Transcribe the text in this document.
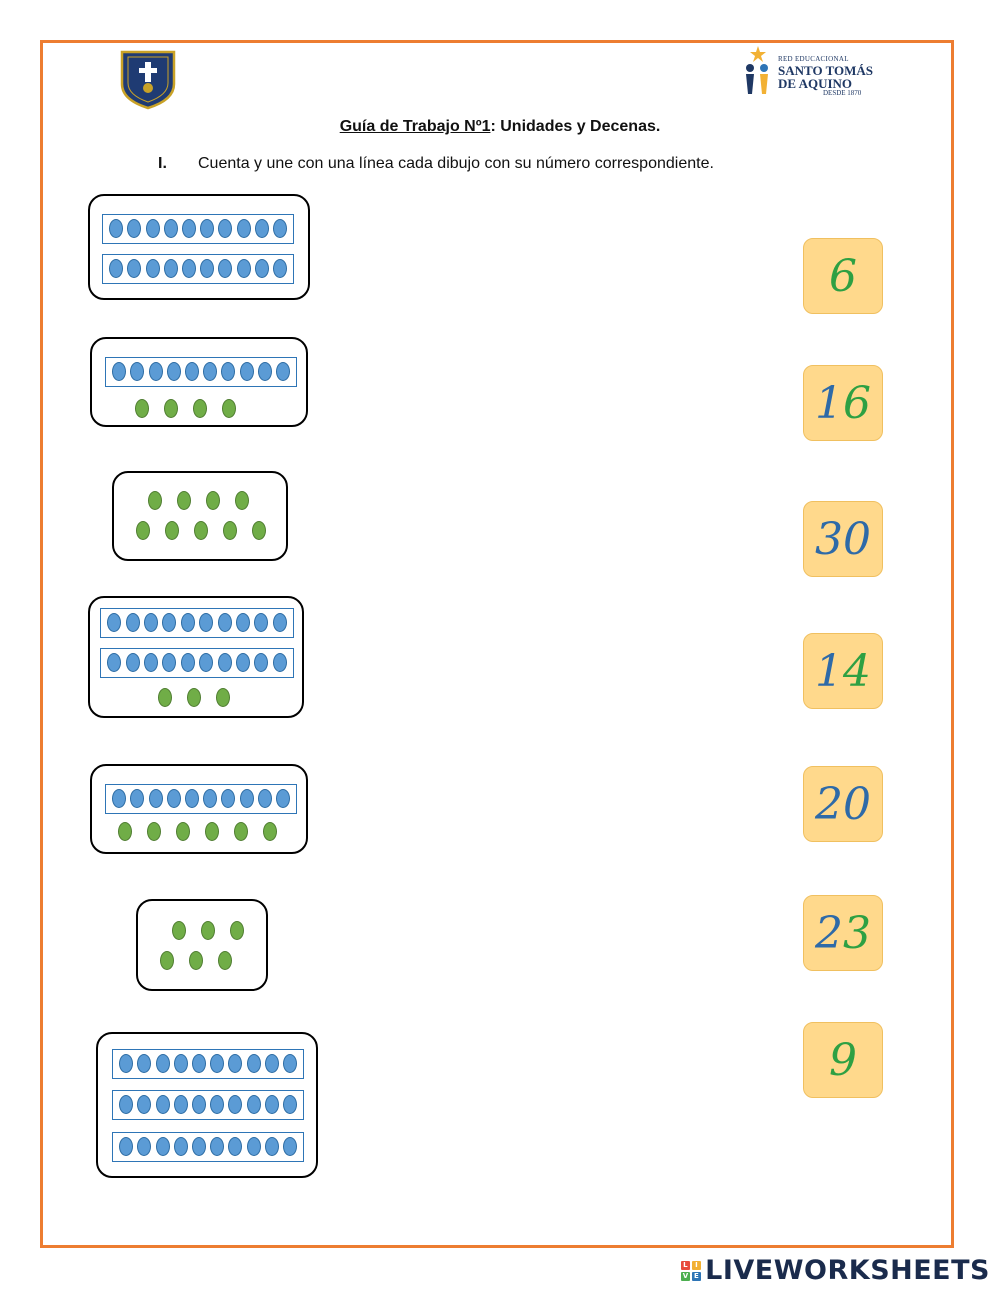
RED EDUCACIONAL
SANTO TOMÁS
DE AQUINO
DESDE 1870
Guía de Trabajo Nº1: Unidades y Decenas.
I. Cuenta y une con una línea cada dibujo con su número correspondiente.
6
1 6
3 0
1 4
2 0
2 3
9
L I
V E LIVEWORKSHEETS
